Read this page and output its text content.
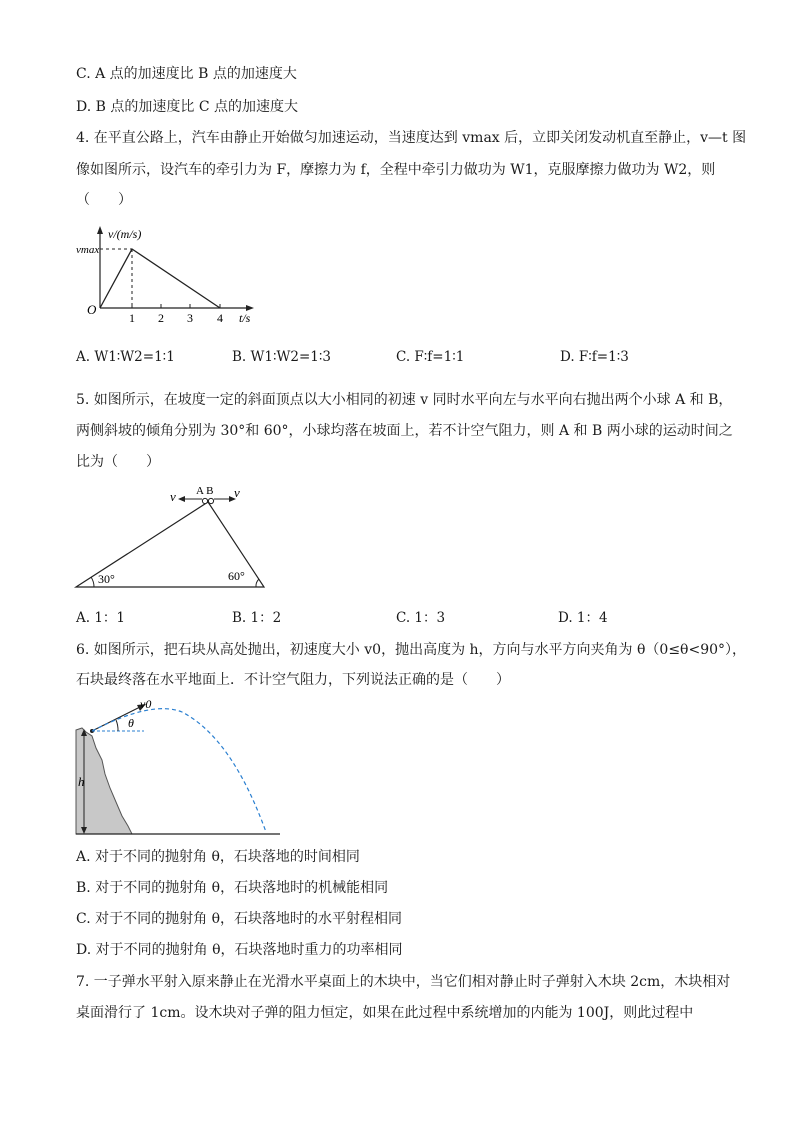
C. A 点的加速度比 B 点的加速度大
D. B 点的加速度比 C 点的加速度大
4. 在平直公路上，汽车由静止开始做匀加速运动，当速度达到 vmax 后，立即关闭发动机直至静止，v—t 图
像如图所示，设汽车的牵引力为 F，摩擦力为 f，全程中牵引力做功为 W1，克服摩擦力做功为 W2，则
（　　）
v/(m/s)
vmax
O
1 2 3 4 t/s
A. W1∶W2=1∶1	B. W1∶W2=1∶3	C. F∶f=1∶1	D. F∶f=1∶3
5. 如图所示，在坡度一定的斜面顶点以大小相同的初速 v 同时水平向左与水平向右抛出两个小球 A 和 B，
两侧斜坡的倾角分别为 30°和 60°，小球均落在坡面上，若不计空气阻力，则 A 和 B 两小球的运动时间之
比为（　　）
v	v
A B
30°	60°
A. 1：1	B. 1：2	C. 1：3	D. 1：4
6. 如图所示，把石块从高处抛出，初速度大小 v0，抛出高度为 h，方向与水平方向夹角为 θ（0≤θ<90°），
石块最终落在水平地面上．不计空气阻力，下列说法正确的是（　　）
h
v0
θ
A. 对于不同的抛射角 θ，石块落地的时间相同
B. 对于不同的抛射角 θ，石块落地时的机械能相同
C. 对于不同的抛射角 θ，石块落地时的水平射程相同
D. 对于不同的抛射角 θ，石块落地时重力的功率相同
7. 一子弹水平射入原来静止在光滑水平桌面上的木块中，当它们相对静止时子弹射入木块 2cm，木块相对
桌面滑行了 1cm。设木块对子弹的阻力恒定，如果在此过程中系统增加的内能为 100J，则此过程中
